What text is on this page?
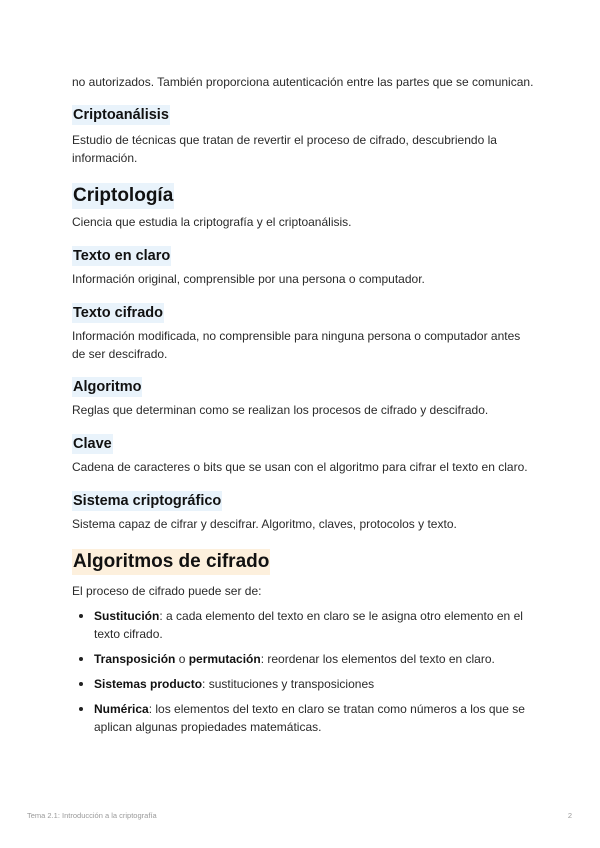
no autorizados. También proporciona autenticación entre las partes que se comunican.

Criptoanálisis

Estudio de técnicas que tratan de revertir el proceso de cifrado, descubriendo la información.

Criptología

Ciencia que estudia la criptografía y el criptoanálisis.

Texto en claro

Información original, comprensible por una persona o computador.

Texto cifrado

Información modificada, no comprensible para ninguna persona o computador antes de ser descifrado.

Algoritmo

Reglas que determinan como se realizan los procesos de cifrado y descifrado.

Clave

Cadena de caracteres o bits que se usan con el algoritmo para cifrar el texto en claro.

Sistema criptográfico

Sistema capaz de cifrar y descifrar. Algoritmo, claves, protocolos y texto.

Algoritmos de cifrado

El proceso de cifrado puede ser de:

Sustitución: a cada elemento del texto en claro se le asigna otro elemento en el texto cifrado.
Transposición o permutación: reordenar los elementos del texto en claro.
Sistemas producto: sustituciones y transposiciones
Numérica: los elementos del texto en claro se tratan como números a los que se aplican algunas propiedades matemáticas.
Tema 2.1: Introducción a la criptografía	2
